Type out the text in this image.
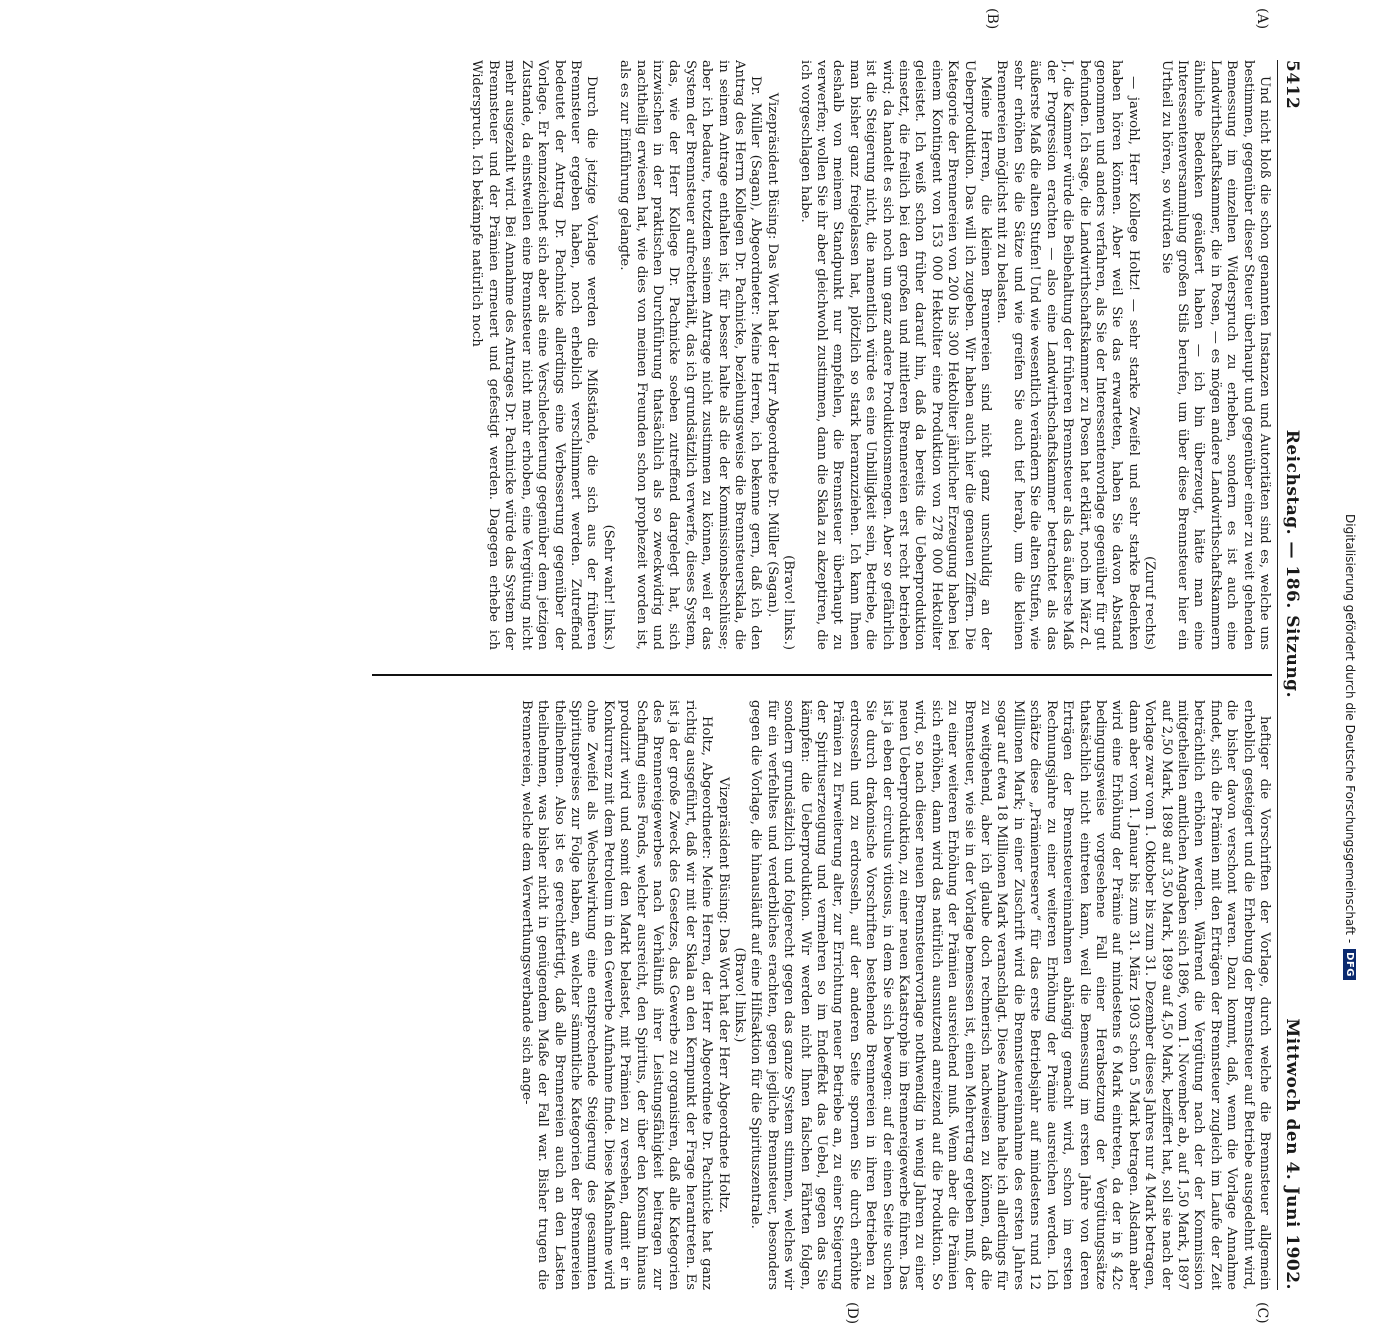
5412
Reichstag. — 186. Sitzung.
Mittwoch den 4. Juni 1902.
(A)
(B)
(C)
(D)

Und nicht bloß die schon genannten Instanzen und Autoritäten sind es, welche uns bestimmen, gegenüber dieser Steuer überhaupt und gegenüber einer zu weit gehenden Bemessung im einzelnen Widerspruch zu erheben, sondern es ist auch eine Landwirthschaftskammer, die in Posen, — es mögen andere Landwirthschaftskammern ähnliche Bedenken geäußert haben — ich bin überzeugt, hätte man eine Interessentenversammlung großen Stils berufen, um über diese Brennsteuer hier ein Urtheil zu hören, so würden Sie

(Zuruf rechts)

— jawohl, Herr Kollege Holtz! — sehr starke Zweifel und sehr starke Bedenken haben hören können. Aber weil Sie das erwarteten, haben Sie davon Abstand genommen und anders verfahren, als Sie der Interessentenvorlage gegenüber für gut befunden. Ich sage, die Landwirthschaftskammer zu Posen hat erklärt, noch im März d. J., die Kammer würde die Beibehaltung der früheren Brennsteuer als das äußerste Maß der Progression erachten — also eine Landwirthschaftskammer betrachtet als das äußerste Maß die alten Stufen! Und wie wesentlich verändern Sie die alten Stufen, wie sehr erhöhen Sie die Sätze und wie greifen Sie auch tief herab, um die kleinen Brennereien möglichst mit zu belasten.

Meine Herren, die kleinen Brennereien sind nicht ganz unschuldig an der Ueberproduktion. Das will ich zugeben. Wir haben auch hier die genauen Ziffern. Die Kategorie der Brennereien von 200 bis 300 Hektoliter jährlicher Erzeugung haben bei einem Kontingent von 153 000 Hektoliter eine Produktion von 278 000 Hektoliter geleistet. Ich weiß schon früher darauf hin, daß da bereits die Ueberproduktion einsetzt, die freilich bei den großen und mittleren Brennereien erst recht betrieben wird; da handelt es sich noch um ganz andere Produktionsmengen. Aber so gefährlich ist die Steigerung nicht, die namentlich würde es eine Unbilligkeit sein, Betriebe, die man bisher ganz freigelassen hat, plötzlich so stark heranzuziehen. Ich kann Ihnen deshalb von meinem Standpunkt nur empfehlen, die Brennsteuer überhaupt zu verwerfen; wollen Sie ihr aber gleichwohl zustimmen, dann die Skala zu akzeptiren, die ich vorgeschlagen habe.

(Bravo! links.)

Vizepräsident Büsing: Das Wort hat der Herr Abgeordnete Dr. Müller (Sagan).

Dr. Müller (Sagan), Abgeordneter: Meine Herren, ich bekenne gern, daß ich den Antrag des Herrn Kollegen Dr. Pachnicke, beziehungsweise die Brennsteuerskala, die in seinem Antrage enthalten ist, für besser halte als die der Kommissionsbeschlüsse; aber ich bedaure, trotzdem seinem Antrage nicht zustimmen zu können, weil er das System der Brennsteuer aufrechterhält, das ich grundsätzlich verwerfe, dieses System, das, wie der Herr Kollege Dr. Pachnicke soeben zutreffend dargelegt hat, sich inzwischen in der praktischen Durchführung thatsächlich als so zweckwidrig und nachtheilig erwiesen hat, wie dies von meinen Freunden schon prophezeit worden ist, als es zur Einführung gelangte.

(Sehr wahr! links.)

Durch die jetzige Vorlage werden die Mißstände, die sich aus der früheren Brennsteuer ergeben haben, noch erheblich verschlimmert werden. Zutreffend bedeutet der Antrag Dr. Pachnicke allerdings eine Verbesserung gegenüber der Vorlage. Er kennzeichnet sich aber als eine Verschlechterung gegenüber dem jetzigen Zustande, da einstweilen eine Brennsteuer nicht mehr erhoben, eine Vergütung nicht mehr ausgezahlt wird. Bei Annahme des Antrages Dr. Pachnicke würde das System der Brennsteuer und der Prämien erneuert und gefestigt werden. Dagegen erhebe ich Widerspruch. Ich bekämpfe natürlich noch

heftiger die Vorschriften der Vorlage, durch welche die Brennsteuer allgemein erheblich gesteigert und die Erhebung der Brennsteuer auf Betriebe ausgedehnt wird, die bisher davon verschont waren. Dazu kommt, daß, wenn die Vorlage Annahme findet, sich die Prämien mit den Erträgen der Brennsteuer zugleich im Laufe der Zeit beträchtlich erhöhen werden. Während die Vergütung nach der der Kommission mitgetheilten amtlichen Angaben sich 1896, vom 1. November ab, auf 1,50 Mark, 1897 auf 2,50 Mark, 1898 auf 3,50 Mark, 1899 auf 4,50 Mark, beziffert hat, soll sie nach der Vorlage zwar vom 1. Oktober bis zum 31. Dezember dieses Jahres nur 4 Mark betragen, dann aber vom 1. Januar bis zum 31. März 1903 schon 5 Mark betragen. Alsdann aber wird eine Erhöhung der Prämie auf mindestens 6 Mark eintreten, da der in § 42c bedingungsweise vorgesehene Fall einer Herabsetzung der Vergütungssätze thatsächlich nicht eintreten kann, weil die Bemessung im ersten Jahre von deren Erträgen der Brennsteuereinnahmen abhängig gemacht wird, schon im ersten Rechnungsjahre zu einer weiteren Erhöhung der Prämie ausreichen werden. Ich schätze diese „Prämienreserve“ für das erste Betriebsjahr auf mindestens rund 12 Millionen Mark; in einer Zuschrift wird die Brennsteuereinnahme des ersten Jahres sogar auf etwa 18 Millionen Mark veranschlagt. Diese Annahme halte ich allerdings für zu weitgehend, aber ich glaube doch rechnerisch nachweisen zu können, daß die Brennsteuer, wie sie in der Vorlage bemessen ist, einen Mehrertrag ergeben muß, der zu einer weiteren Erhöhung der Prämien ausreichend muß. Wenn aber die Prämien sich erhöhen, dann wird das natürlich ausnutzend anreizend auf die Produktion. So wird, so nach dieser neuen Brennsteuervorlage nothwendig in wenig Jahren zu einer neuen Ueberproduktion, zu einer neuen Katastrophe im Brennereigewerbe führen. Das ist ja eben der circulus vitiosus, in dem Sie sich bewegen: auf der einen Seite suchen Sie durch drakonische Vorschriften bestehende Brennereien in ihren Betrieben zu erdrosseln und zu erdrosseln, auf der anderen Seite spornen Sie durch erhöhte Prämien zu Erweiterung alter, zur Errichtung neuer Betriebe an, zu einer Steigerung der Spirituserzeugung und vermehren so im Endeffekt das Uebel, gegen das Sie kämpfen: die Ueberproduktion. Wir werden nicht Ihnen falschen Fährten folgen, sondern grundsätzlich und folgerecht gegen das ganze System stimmen, welches wir für ein verfehltes und verderbliches erachten, gegen jegliche Brennsteuer, besonders gegen die Vorlage, die hinausläuft auf eine Hilfsaktion für die Spirituszentrale.

(Bravo! links.)

Vizepräsident Büsing: Das Wort hat der Herr Abgeordnete Holtz.

Holtz, Abgeordneter: Meine Herren, der Herr Abgeordnete Dr. Pachnicke hat ganz richtig ausgeführt, daß wir mit der Skala an den Kernpunkt der Frage herantreten. Es ist ja der große Zweck des Gesetzes, das Gewerbe zu organisiren, daß alle Kategorien des Brennereigewerbes nach Verhältniß ihrer Leistungsfähigkeit beitragen zur Schaffung eines Fonds, welcher ausreicht, den Spiritus, der über den Konsum hinaus produzirt wird und somit den Markt belastet, mit Prämien zu versehen, damit er in Konkurrenz mit dem Petroleum in den Gewerbe Aufnahme finde. Diese Maßnahme wird ohne Zweifel als Wechselwirkung eine entsprechende Steigerung des gesammten Spirituspreises zur Folge haben, an welcher sämmtliche Kategorien der Brennereien theilnehmen. Also ist es gerechtfertigt, daß alle Brennereien auch an den Lasten theilnehmen, was bisher nicht in genügendem Maße der Fall war. Bisher trugen die Brennereien, welche dem Verwerthungsverbande sich ange-	Digitalisierung gefördert durch die Deutsche Forschungsgemeinschaft -
DFG
